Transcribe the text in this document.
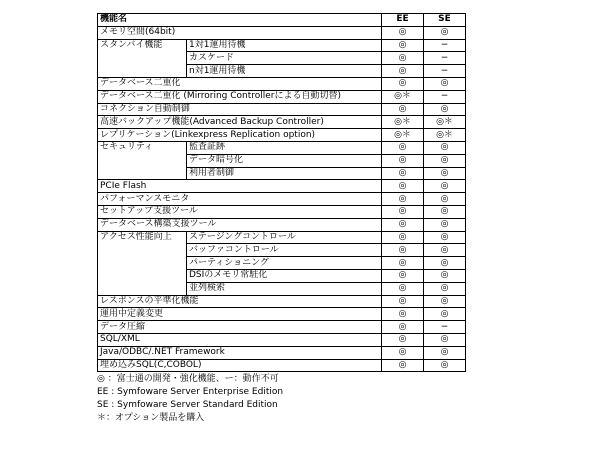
機能名		EE	SE
メモリ空間(64bit)		◎	◎
スタンバイ機能	1対1運用待機	◎	−
	カスケード	◎	−
	n対1運用待機	◎	−
データベース二重化		◎	◎
データベース二重化 (Mirroring Controllerによる自動切替)		◎＊	−
コネクション自動制御		◎	◎
高速バックアップ機能(Advanced Backup Controller)		◎＊	◎＊
レプリケーション(Linkexpress Replication option)		◎＊	◎＊
セキュリティ	監査証跡	◎	◎
	データ暗号化	◎	◎
	利用者制御	◎	◎
PCIe Flash		◎	◎
パフォーマンスモニタ		◎	◎
セットアップ支援ツール		◎	◎
データベース構築支援ツール		◎	◎
アクセス性能向上	ステージングコントロール	◎	◎
	バッファコントロール	◎	◎
	パーティショニング	◎	◎
	DSIのメモリ常駐化	◎	◎
	並列検索	◎	◎
レスポンスの平準化機能		◎	◎
運用中定義変更		◎	◎
データ圧縮		◎	−
SQL/XML		◎	◎
Java/ODBC/.NET Framework		◎	◎
埋め込みSQL(C,COBOL)		◎	◎
◎ ：富士通の開発・強化機能、ー：動作不可
EE : Symfoware Server Enterprise Edition
SE : Symfoware Server Standard Edition
＊：オプション製品を購入
